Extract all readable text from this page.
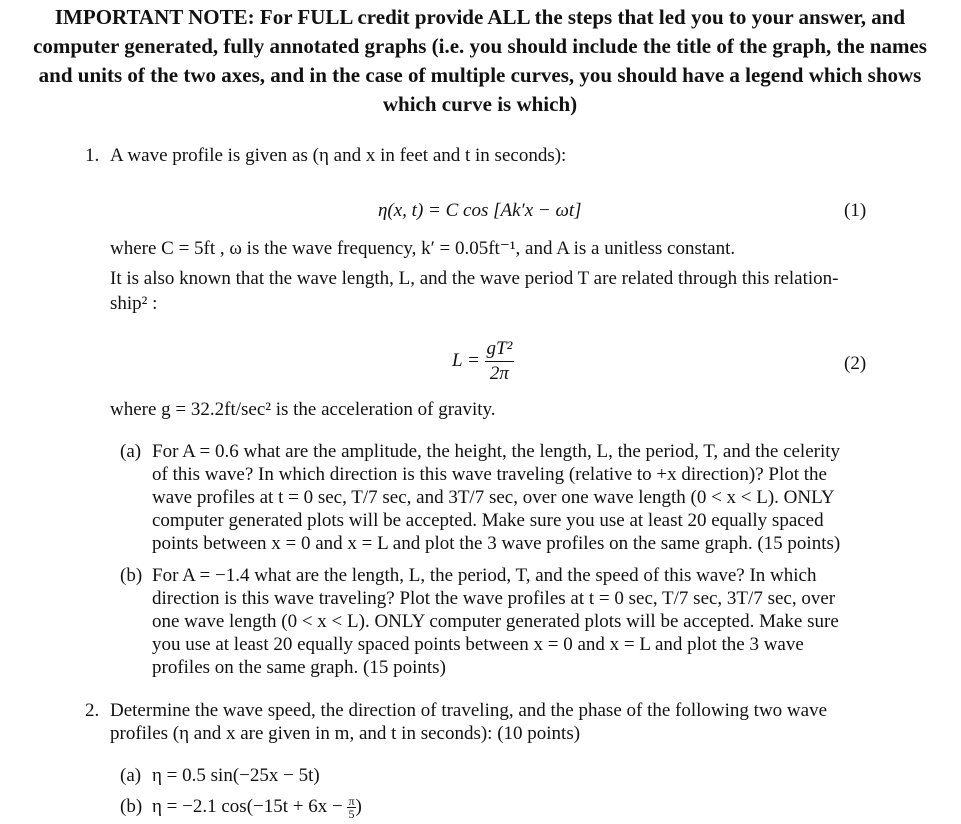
IMPORTANT NOTE: For FULL credit provide ALL the steps that led you to your answer, and computer generated, fully annotated graphs (i.e. you should include the title of the graph, the names and units of the two axes, and in the case of multiple curves, you should have a legend which shows which curve is which)
1. A wave profile is given as (η and x in feet and t in seconds):
η(x, t) = C cos [Ak′x − ωt]	(1)
where C = 5ft , ω is the wave frequency, k′ = 0.05ft⁻¹, and A is a unitless constant.
It is also known that the wave length, L, and the wave period T are related through this relation-
ship² :
$L = \frac{\text{gT²}}{2\pi}$	(2)
where g = 32.2ft/sec² is the acceleration of gravity.
(a) For A = 0.6 what are the amplitude, the height, the length, L, the period, T, and the celerity
of this wave? In which direction is this wave traveling (relative to +x direction)? Plot the
wave profiles at t = 0 sec, T/7 sec, and 3T/7 sec, over one wave length (0 < x < L). ONLY
computer generated plots will be accepted. Make sure you use at least 20 equally spaced
points between x = 0 and x = L and plot the 3 wave profiles on the same graph. (15 points)
(b) For A = −1.4 what are the length, L, the period, T, and the speed of this wave? In which
direction is this wave traveling? Plot the wave profiles at t = 0 sec, T/7 sec, 3T/7 sec, over
one wave length (0 < x < L). ONLY computer generated plots will be accepted. Make sure
you use at least 20 equally spaced points between x = 0 and x = L and plot the 3 wave
profiles on the same graph. (15 points)
2. Determine the wave speed, the direction of traveling, and the phase of the following two wave
profiles (η and x are given in m, and t in seconds): (10 points)
(a) η = 0.5 sin(−25x − 5t)
(b) η = −2.1 $\cos(-15t + 6x - \frac{\pi}{5}$ )
